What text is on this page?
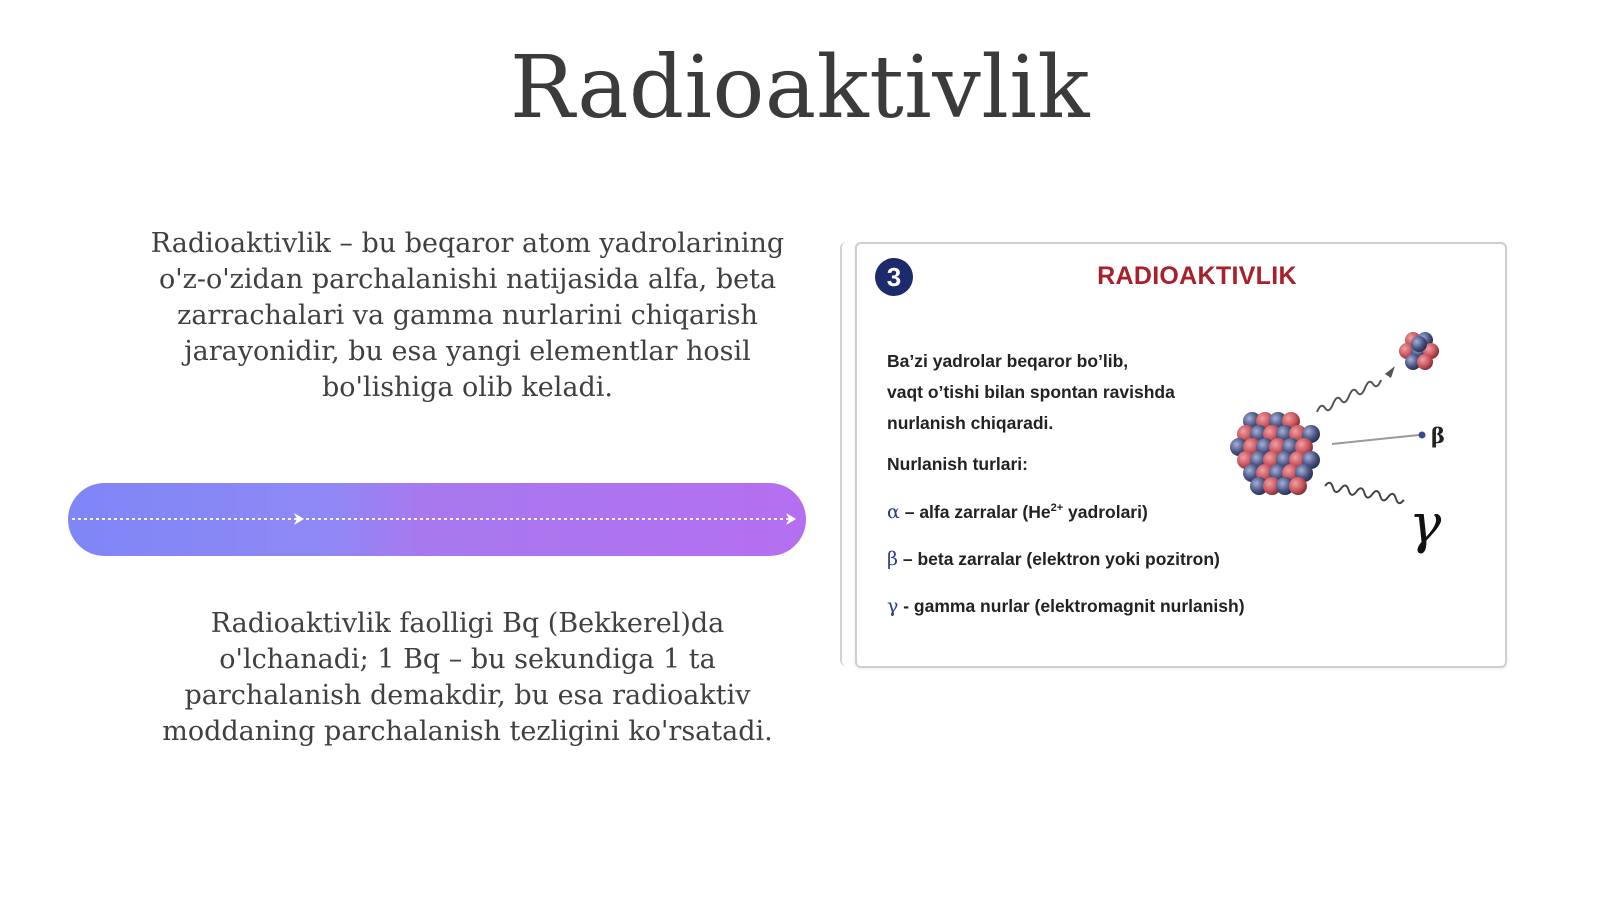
Radioaktivlik

Radioaktivlik – bu beqaror atom yadrolarining o'z-o'zidan parchalanishi natijasida alfa, beta zarrachalari va gamma nurlarini chiqarish jarayonidir, bu esa yangi elementlar hosil bo'lishiga olib keladi.

Radioaktivlik faolligi Bq (Bekkerel)da o'lchanadi; 1 Bq – bu sekundiga 1 ta parchalanish demakdir, bu esa radioaktiv moddaning parchalanish tezligini ko'rsatadi.

3	RADIOAKTIVLIK
Ba’zi yadrolar beqaror bo’lib,
vaqt o’tishi bilan spontan ravishda
nurlanish chiqaradi.
Nurlanish turlari:
α – alfa zarralar ($He^{2+}$ yadrolari)
β – beta zarralar (elektron yoki pozitron)
γ - gamma nurlar (elektromagnit nurlanish)
β
γ
